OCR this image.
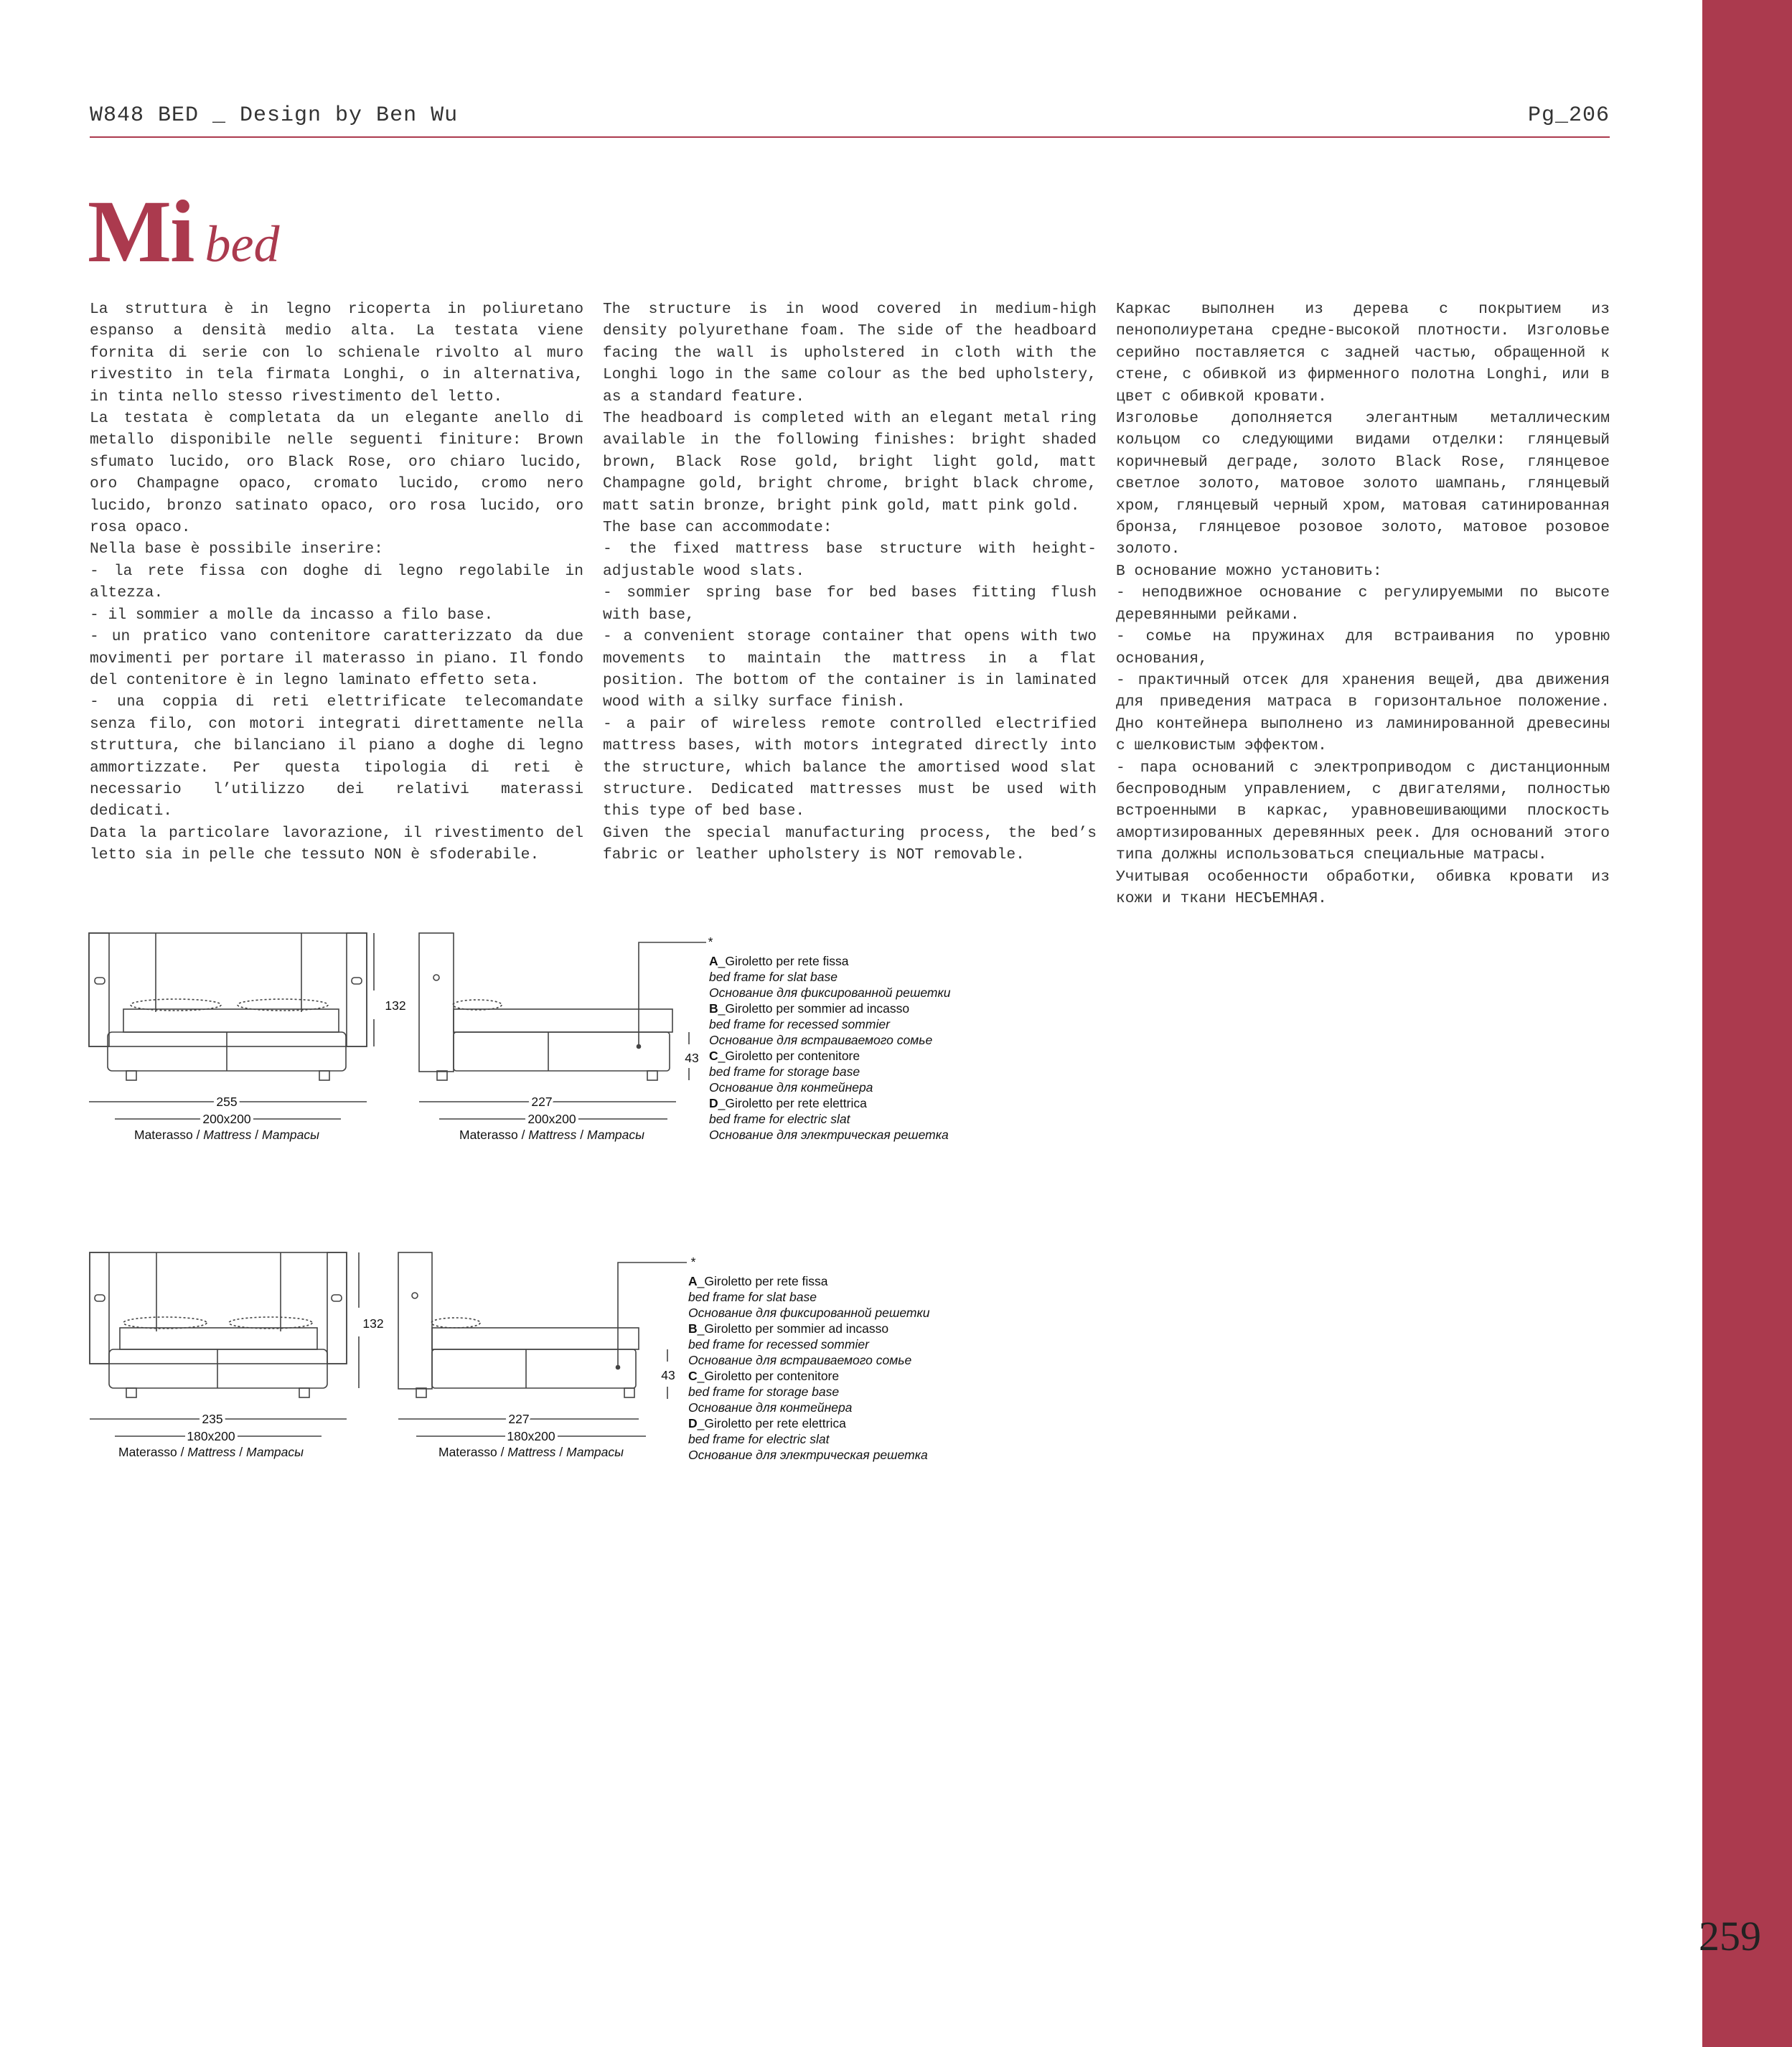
W848 BED _ Design by Ben Wu	Pg_206
Mi bed

La struttura è in legno ricoperta in poliuretano espanso a densità medio alta. La testata viene fornita di serie con lo schienale rivolto al muro rivestito in tela firmata Longhi, o in alternativa, in tinta nello stesso rivestimento del letto.

La testata è completata da un elegante anello di metallo disponibile nelle seguenti finiture: Brown sfumato lucido, oro Black Rose, oro chiaro lucido, oro Champagne opaco, cromato lucido, cromo nero lucido, bronzo satinato opaco, oro rosa lucido, oro rosa opaco.

Nella base è possibile inserire:

- la rete fissa con doghe di legno regolabile in altezza.

- il sommier a molle da incasso a filo base.

- un pratico vano contenitore caratterizzato da due movimenti per portare il materasso in piano. Il fondo del contenitore è in legno laminato effetto seta.

- una coppia di reti elettrificate telecomandate senza filo, con motori integrati direttamente nella struttura, che bilanciano il piano a doghe di legno ammortizzate. Per questa tipologia di reti è necessario l’utilizzo dei relativi materassi dedicati.

Data la particolare lavorazione, il rivestimento del letto sia in pelle che tessuto NON è sfoderabile.

The structure is in wood covered in medium-high density polyurethane foam. The side of the headboard facing the wall is upholstered in cloth with the Longhi logo in the same colour as the bed upholstery, as a standard feature.

The headboard is completed with an elegant metal ring available in the following finishes: bright shaded brown, Black Rose gold, bright light gold, matt Champagne gold, bright chrome, bright black chrome, matt satin bronze, bright pink gold, matt pink gold.

The base can accommodate:

- the fixed mattress base structure with height-adjustable wood slats.

- sommier spring base for bed bases fitting flush with base,

- a convenient storage container that opens with two movements to maintain the mattress in a flat position. The bottom of the container is in laminated wood with a silky surface finish.

- a pair of wireless remote controlled electrified mattress bases, with motors integrated directly into the structure, which balance the amortised wood slat structure. Dedicated mattresses must be used with this type of bed base.

Given the special manufacturing process, the bed’s fabric or leather upholstery is NOT removable.

Каркас выполнен из дерева с покрытием из пенополиуретана средне-высокой плотности. Изголовье серийно поставляется с задней частью, обращенной к стене, с обивкой из фирменного полотна Longhi, или в цвет с обивкой кровати.

Изголовье дополняется элегантным металлическим кольцом со следующими видами отделки: глянцевый коричневый деграде, золото Black Rose, глянцевое светлое золото, матовое золото шампань, глянцевый хром, глянцевый черный хром, матовая сатинированная бронза, глянцевое розовое золото, матовое розовое золото.

В основание можно установить:

- неподвижное основание с регулируемыми по высоте деревянными рейками.

- сомье на пружинах для встраивания по уровню основания,

- практичный отсек для хранения вещей, два движения для приведения матраса в горизонтальное положение. Дно контейнера выполнено из ламинированной древесины с шелковистым эффектом.

- пара оснований с электроприводом с дистанционным беспроводным управлением, с двигателями, полностью встроенными в каркас, уравновешивающими плоскость амортизированных деревянных реек. Для оснований этого типа должны использоваться специальные матрасы.

Учитывая особенности обработки, обивка кровати из кожи и ткани НЕСЪЕМНАЯ.

132
255
200x200
Materasso / Mattress / Матрасы
227
200x200
Materasso / Mattress / Матрасы
43
*
A_Giroletto per rete fissa
bed frame for slat base
Основание для фиксированной решетки
B_Giroletto per sommier ad incasso
bed frame for recessed sommier
Основание для встраиваемого сомье
C_Giroletto per contenitore
bed frame for storage base
Основание для контейнера
D_Giroletto per rete elettrica
bed frame for electric slat
Основание для электрическая решетка
132
235
180x200
Materasso / Mattress / Матрасы
227
180x200
Materasso / Mattress / Матрасы
43
*
A_Giroletto per rete fissa
bed frame for slat base
Основание для фиксированной решетки
B_Giroletto per sommier ad incasso
bed frame for recessed sommier
Основание для встраиваемого сомье
C_Giroletto per contenitore
bed frame for storage base
Основание для контейнера
D_Giroletto per rete elettrica
bed frame for electric slat
Основание для электрическая решетка
259
